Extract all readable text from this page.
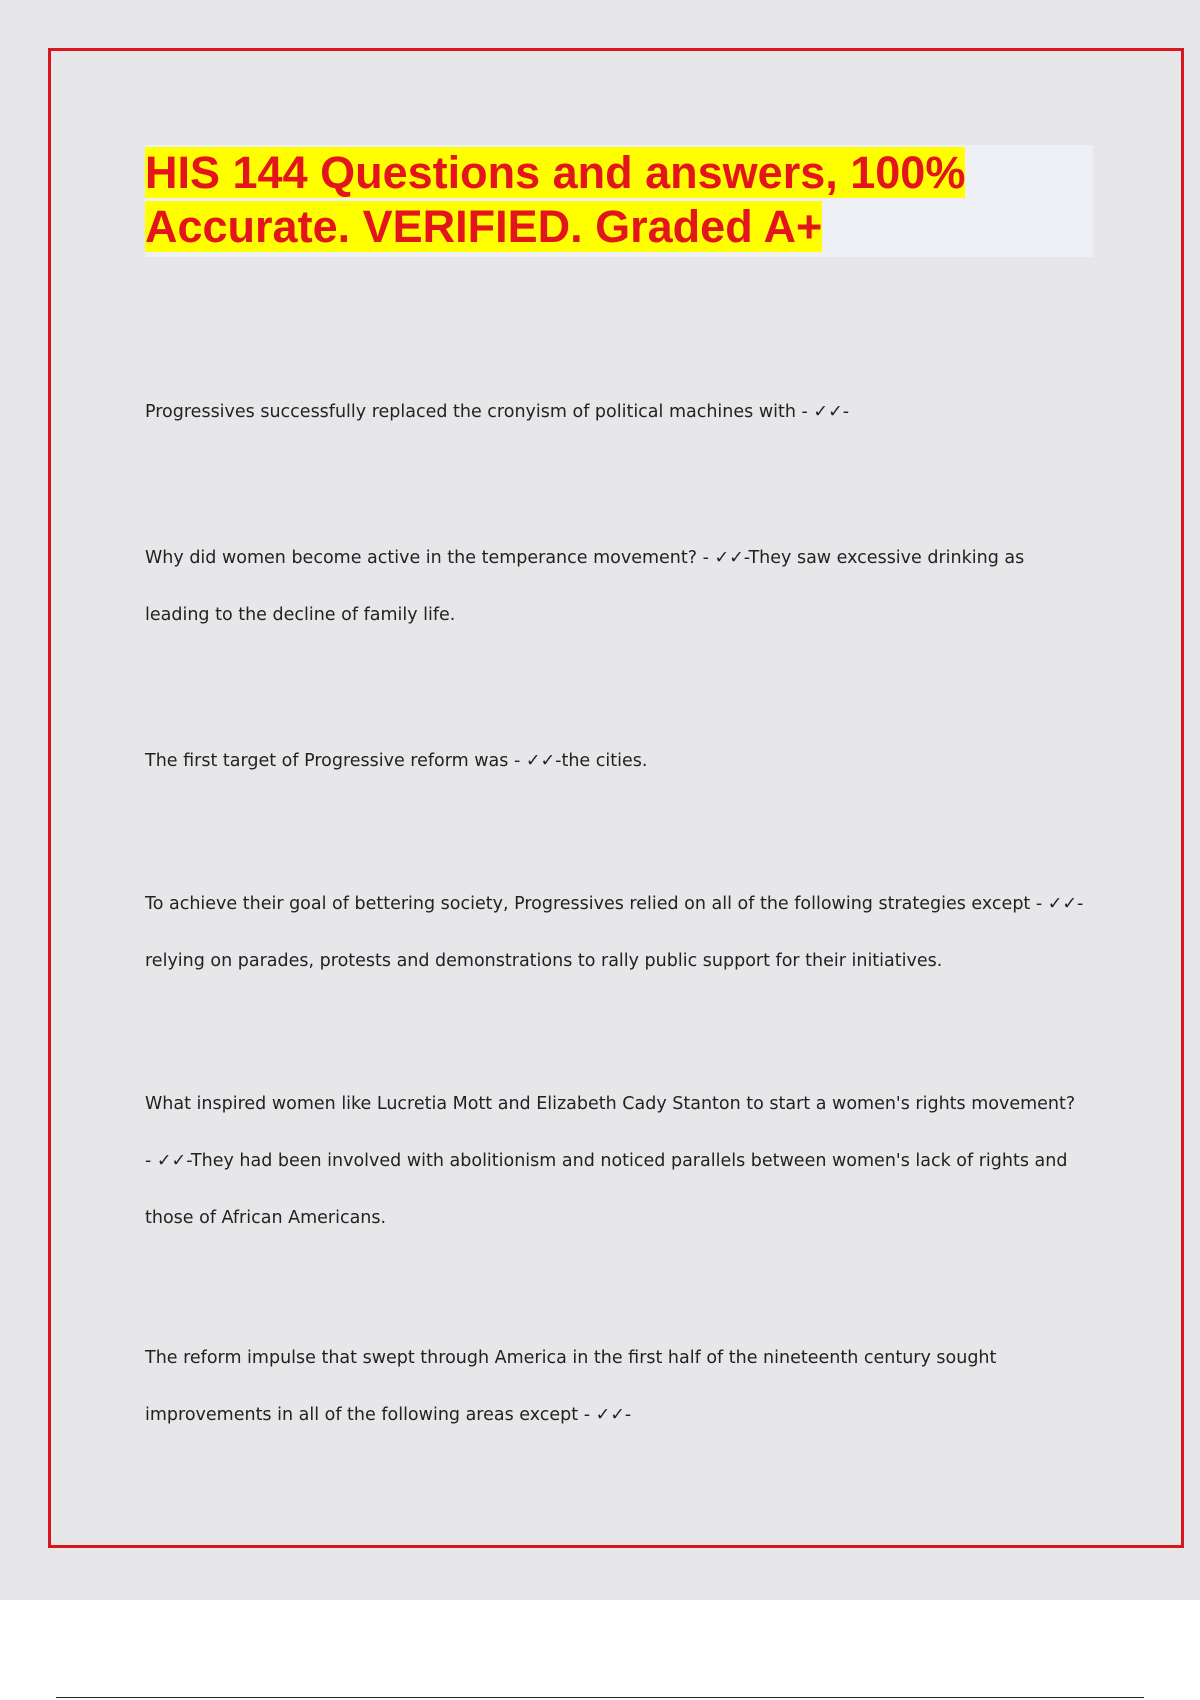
HIS 144 Questions and answers, 100%
Accurate. VERIFIED. Graded A+

Progressives successfully replaced the cronyism of political machines with - ✓✓-

Why did women become active in the temperance movement? - ✓✓-They saw excessive drinking as leading to the decline of family life.

The first target of Progressive reform was - ✓✓-the cities.

To achieve their goal of bettering society, Progressives relied on all of the following strategies except - ✓✓-relying on parades, protests and demonstrations to rally public support for their initiatives.

What inspired women like Lucretia Mott and Elizabeth Cady Stanton to start a women's rights movement? - ✓✓-They had been involved with abolitionism and noticed parallels between women's lack of rights and those of African Americans.

The reform impulse that swept through America in the first half of the nineteenth century sought improvements in all of the following areas except - ✓✓-
